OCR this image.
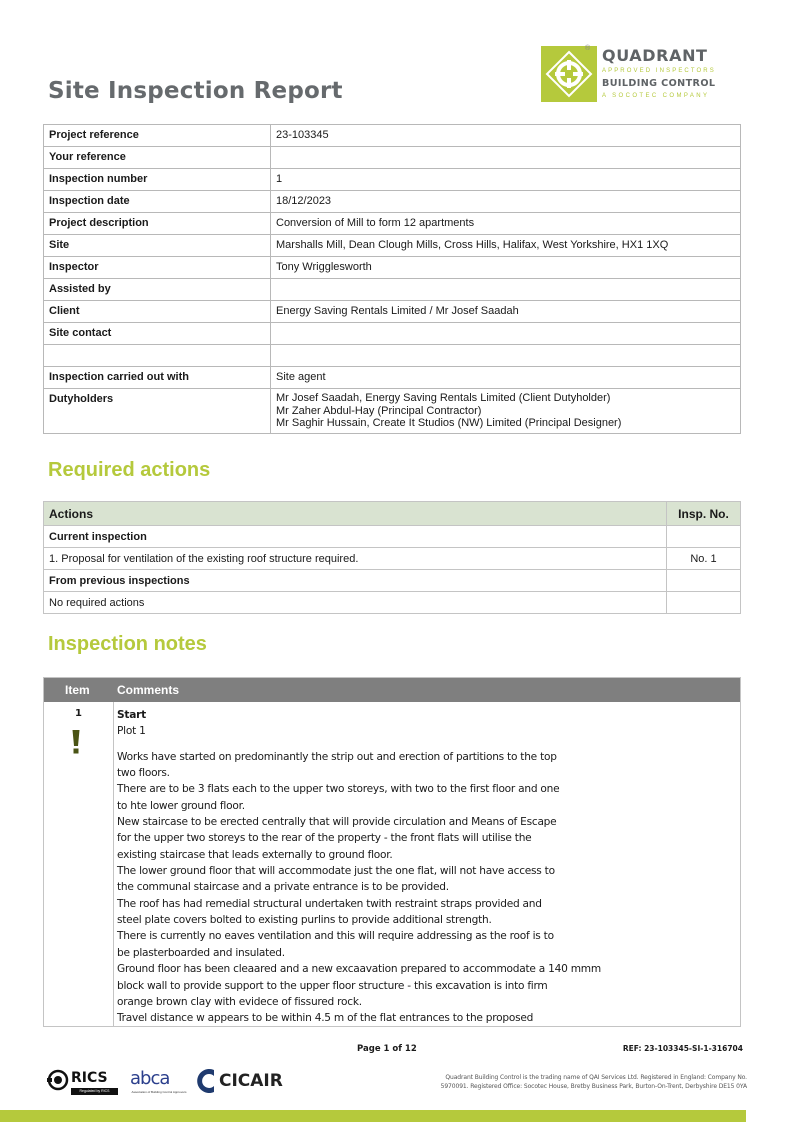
Site Inspection Report
® QUADRANT
APPROVED INSPECTORS
BUILDING CONTROL
A SOCOTEC COMPANY
Project reference	23-103345
Your reference	
Inspection number	1
Inspection date	18/12/2023
Project description	Conversion of Mill to form 12 apartments
Site	Marshalls Mill, Dean Clough Mills, Cross Hills, Halifax, West Yorkshire, HX1 1XQ
Inspector	Tony Wrigglesworth
Assisted by	
Client	Energy Saving Rentals Limited / Mr Josef Saadah
Site contact	

Inspection carried out with	Site agent
Dutyholders	Mr Josef Saadah, Energy Saving Rentals Limited (Client Dutyholder)
Mr Zaher Abdul-Hay (Principal Contractor)
Mr Saghir Hussain, Create It Studios (NW) Limited (Principal Designer)
Required actions
Actions	Insp. No.
Current inspection	
1. Proposal for ventilation of the existing roof structure required.	No. 1
From previous inspections	
No required actions	
Inspection notes
Item Comments
1	Start
Plot 1
Works have started on predominantly the strip out and erection of partitions to the top
two floors.
There are to be 3 flats each to the upper two storeys, with two to the first floor and one
to hte lower ground floor.
New staircase to be erected centrally that will provide circulation and Means of Escape
for the upper two storeys to the rear of the property - the front flats will utilise the
existing staircase that leads externally to ground floor.
The lower ground floor that will accommodate just the one flat, will not have access to
the communal staircase and a private entrance is to be provided.
The roof has had remedial structural undertaken twith restraint straps provided and
steel plate covers bolted to existing purlins to provide additional strength.
There is currently no eaves ventilation and this will require addressing as the roof is to
be plasterboarded and insulated.
Ground floor has been cleaared and a new excaavation prepared to accommodate a 140 mmm
block wall to provide support to the upper floor structure - this excavation is into firm
orange brown clay with evidece of fissured rock.
Travel distance w appears to be within 4.5 m of the flat entrances to the proposed
Page 1 of 12	REF: 23-103345-SI-1-316704
RICS
Regulated by RICS
abca
Association of Building Control Approvers
CICAIR	Quadrant Building Control is the trading name of QAI Services Ltd. Registered in England: Company No.
5970091. Registered Office: Socotec House, Bretby Business Park, Burton-On-Trent, Derbyshire DE15 0YA
